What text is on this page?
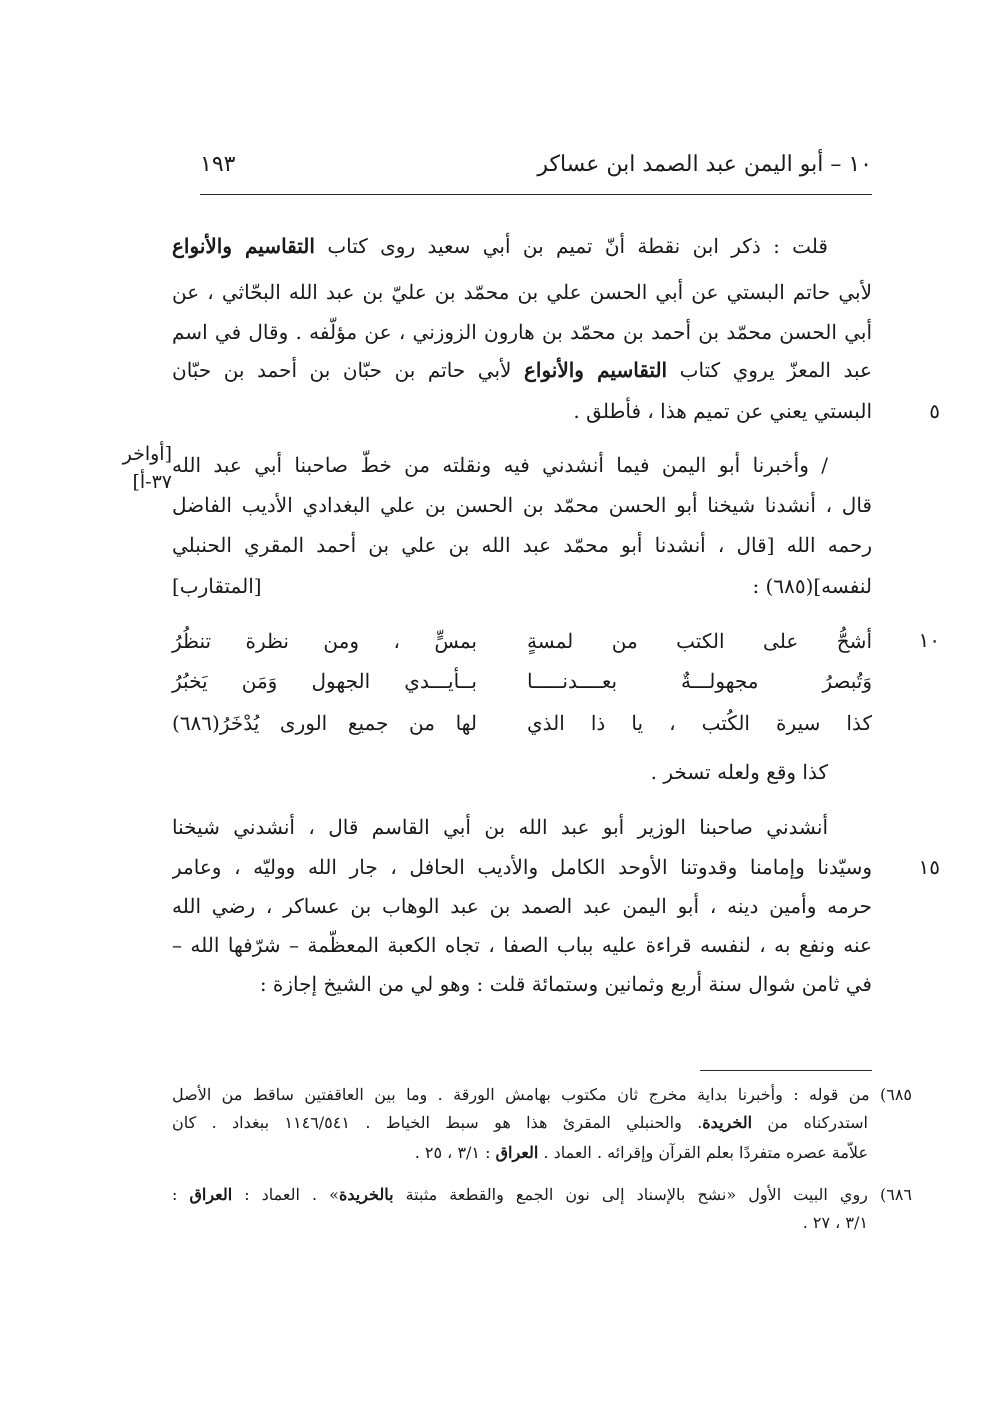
١٩٣	١٠ – أبو اليمن عبد الصمد ابن عساكر
قلت : ذكر ابن نقطة أنّ تميم بن أبي سعيد روى كتاب التقاسيم والأنواع
لأبي حاتم البستي عن أبي الحسن علي بن محمّد بن عليّ بن عبد الله البحّاثي ، عن
أبي الحسن محمّد بن أحمد بن محمّد بن هارون الزوزني ، عن مؤلّفه . وقال في اسم
عبد المعزّ يروي كتاب التقاسيم والأنواع لأبي حاتم بن حبّان بن أحمد بن حبّان
البستي يعني عن تميم هذا ، فأطلق .	٥
/ وأخبرنا أبو اليمن فيما أنشدني فيه ونقلته من خطّ صاحبنا أبي عبد الله
[أواخر
٣٧-أ]
قال ، أنشدنا شيخنا أبو الحسن محمّد بن الحسن بن علي البغدادي الأديب الفاضل
رحمه الله [قال ، أنشدنا أبو محمّد عبد الله بن علي بن أحمد المقري الحنبلي
لنفسه](٦٨٥) :
[المتقارب]
أشحُّ على الكتب من لمسةٍ
بمسٍّ ، ومن نظرة تنظُرُ	١٠
وَتُبصرُ مجهولـــةٌ بعــــدنـــــا
بــأيـــدي الجهول وَمَن يَخبُرُ
كذا سيرة الكُتب ، يا ذا الذي
لها من جميع الورى يُدْخَرُ(٦٨٦)
كذا وقع ولعله تسخر .
أنشدني صاحبنا الوزير أبو عبد الله بن أبي القاسم قال ، أنشدني شيخنا
وسيّدنا وإمامنا وقدوتنا الأوحد الكامل والأديب الحافل ، جار الله ووليّه ، وعامر	١٥
حرمه وأمين دينه ، أبو اليمن عبد الصمد بن عبد الوهاب بن عساكر ، رضي الله
عنه ونفع به ، لنفسه قراءة عليه بباب الصفا ، تجاه الكعبة المعظّمة – شرّفها الله –
في ثامن شوال سنة أربع وثمانين وستمائة قلت : وهو لي من الشيخ إجازة :
٦٨٥) من قوله : وأخبرنا بداية مخرج ثان مكتوب بهامش الورقة . وما بين العاقفتين ساقط من الأصل
استدركناه من الخريدة. والحنبلي المقرئ هذا هو سبط الخياط . ١١٤٦/٥٤١ ببغداد . كان
علاّمة عصره متفردًا بعلم القرآن وإقرائه . العماد . العراق : ٣/١ ، ٢٥ .
٦٨٦) روي البيت الأول «نشح بالإسناد إلى نون الجمع والقطعة مثبتة بالخريدة» . العماد : العراق :
٣/١ ، ٢٧ .
